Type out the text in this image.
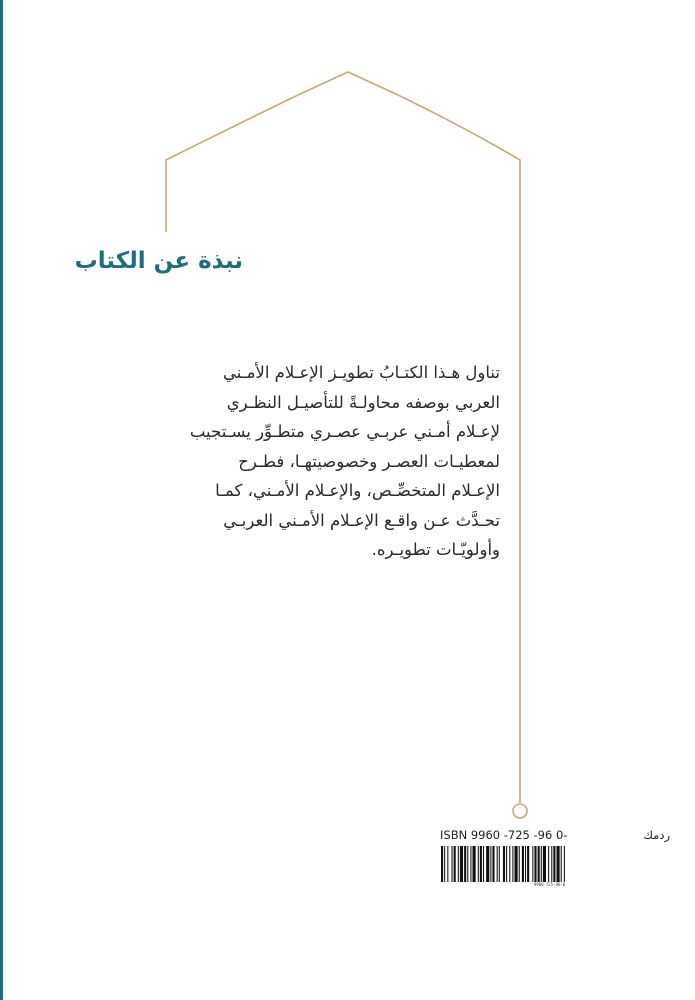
نبذة عن الكتاب
تناول هـذا الكتـابُ تطويـز الإعـلام الأمـني
العربي بوصفه محاولـةً للتأصيـل النظـري
لإعـلام أمـني عربـي عصـري متطـوِّر يسـتجيب
لمعطيـات العصـر وخصوصيتهـا، فطـرح
الإعـلام المتخصِّـص، والإعـلام الأمـني، كمـا
تحـدَّث عـن واقـع الإعـلام الأمـني العربـي
وأولويّـات تطويـره.
ISBN 9960 -725 -96 0-	ردمك
9960-725-96-0
